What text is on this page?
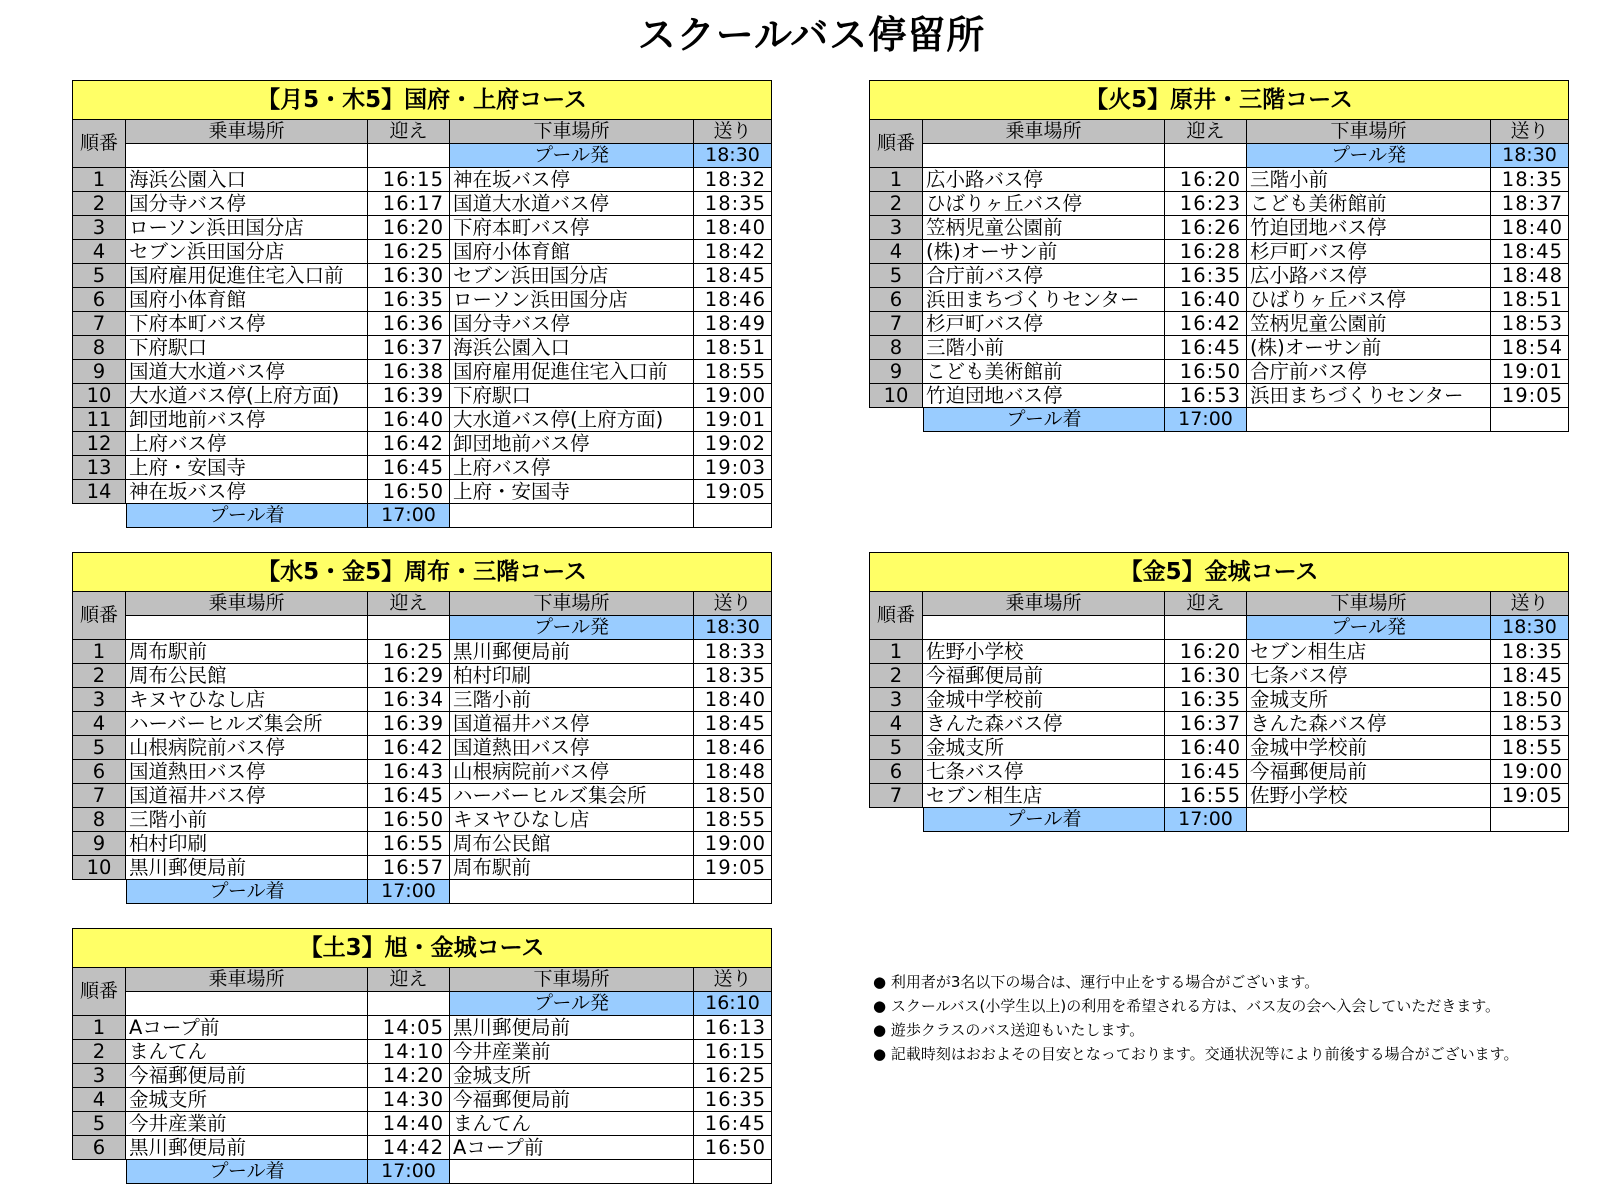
スクールバス停留所
【月5・木5】国府・上府コース
順番
乗車場所	迎え	下車場所	送り
プール発	18:30
1	海浜公園入口	16:15 神在坂バス停	18:32
2	国分寺バス停	16:17 国道大水道バス停	18:35
3	ローソン浜田国分店	16:20 下府本町バス停	18:40
4	セブン浜田国分店	16:25 国府小体育館	18:42
5	国府雇用促進住宅入口前	16:30 セブン浜田国分店	18:45
6	国府小体育館	16:35 ローソン浜田国分店	18:46
7	下府本町バス停	16:36 国分寺バス停	18:49
8	下府駅口	16:37 海浜公園入口	18:51
9	国道大水道バス停	16:38 国府雇用促進住宅入口前	18:55
10 大水道バス停(上府方面)	16:39 下府駅口	19:00
11 卸団地前バス停	16:40 大水道バス停(上府方面)	19:01
12 上府バス停	16:42 卸団地前バス停	19:02
13 上府・安国寺	16:45 上府バス停	19:03
14 神在坂バス停	16:50 上府・安国寺	19:05
プール着	17:00
【火5】原井・三階コース
順番
乗車場所	迎え	下車場所	送り
プール発	18:30
1	広小路バス停	16:20 三階小前	18:35
2	ひばりヶ丘バス停	16:23 こども美術館前	18:37
3	笠柄児童公園前	16:26 竹迫団地バス停	18:40
4	(株)オーサン前	16:28 杉戸町バス停	18:45
5	合庁前バス停	16:35 広小路バス停	18:48
6	浜田まちづくりセンター	16:40 ひばりヶ丘バス停	18:51
7	杉戸町バス停	16:42 笠柄児童公園前	18:53
8	三階小前	16:45 (株)オーサン前	18:54
9	こども美術館前	16:50 合庁前バス停	19:01
10 竹迫団地バス停	16:53 浜田まちづくりセンター	19:05
プール着	17:00
【水5・金5】周布・三階コース
順番
乗車場所	迎え	下車場所	送り
プール発	18:30
1	周布駅前	16:25 黒川郵便局前	18:33
2	周布公民館	16:29 柏村印刷	18:35
3	キヌヤひなし店	16:34 三階小前	18:40
4	ハーバーヒルズ集会所	16:39 国道福井バス停	18:45
5	山根病院前バス停	16:42 国道熱田バス停	18:46
6	国道熱田バス停	16:43 山根病院前バス停	18:48
7	国道福井バス停	16:45 ハーバーヒルズ集会所	18:50
8	三階小前	16:50 キヌヤひなし店	18:55
9	柏村印刷	16:55 周布公民館	19:00
10 黒川郵便局前	16:57 周布駅前	19:05
プール着	17:00
【金5】金城コース
順番
乗車場所	迎え	下車場所	送り
プール発	18:30
1	佐野小学校	16:20 セブン相生店	18:35
2	今福郵便局前	16:30 七条バス停	18:45
3	金城中学校前	16:35 金城支所	18:50
4	きんた森バス停	16:37 きんた森バス停	18:53
5	金城支所	16:40 金城中学校前	18:55
6	七条バス停	16:45 今福郵便局前	19:00
7	セブン相生店	16:55 佐野小学校	19:05
プール着	17:00
【土3】旭・金城コース
順番
乗車場所	迎え	下車場所	送り
プール発	16:10
1	Aコープ前	14:05 黒川郵便局前	16:13
2	まんてん	14:10 今井産業前	16:15
3	今福郵便局前	14:20 金城支所	16:25
4	金城支所	14:30 今福郵便局前	16:35
5	今井産業前	14:40 まんてん	16:45
6	黒川郵便局前	14:42 Aコープ前	16:50
プール着	17:00
● 利用者が3名以下の場合は、運行中止をする場合がございます。
● スクールバス(小学生以上)の利用を希望される方は、バス友の会へ入会していただきます。
● 遊歩クラスのバス送迎もいたします。
● 記載時刻はおおよその目安となっております。交通状況等により前後する場合がございます。
